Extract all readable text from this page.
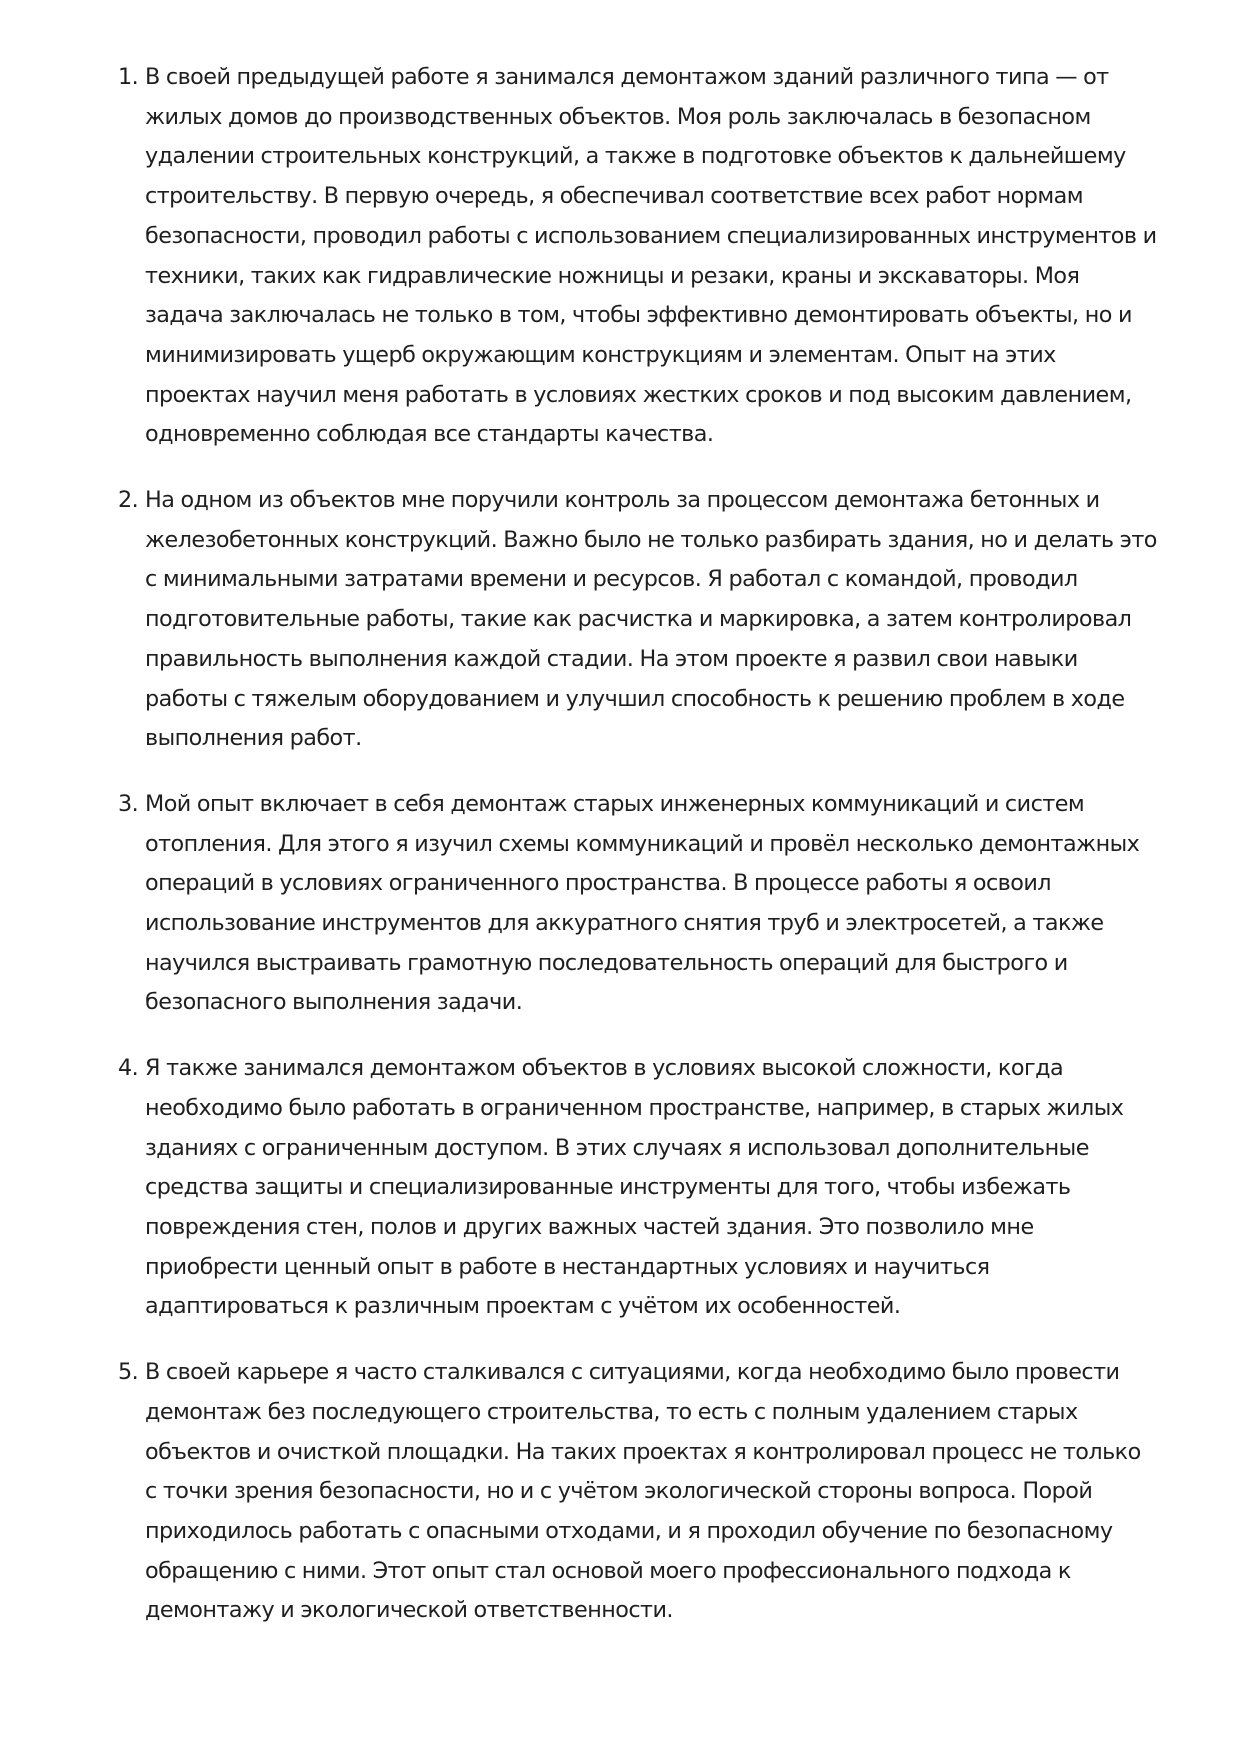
1. В своей предыдущей работе я занимался демонтажом зданий различного типа — от жилых домов до производственных объектов. Моя роль заключалась в безопасном удалении строительных конструкций, а также в подготовке объектов к дальнейшему строительству. В первую очередь, я обеспечивал соответствие всех работ нормам безопасности, проводил работы с использованием специализированных инструментов и техники, таких как гидравлические ножницы и резаки, краны и экскаваторы. Моя задача заключалась не только в том, чтобы эффективно демонтировать объекты, но и минимизировать ущерб окружающим конструкциям и элементам. Опыт на этих проектах научил меня работать в условиях жестких сроков и под высоким давлением, одновременно соблюдая все стандарты качества.
2. На одном из объектов мне поручили контроль за процессом демонтажа бетонных и железобетонных конструкций. Важно было не только разбирать здания, но и делать это с минимальными затратами времени и ресурсов. Я работал с командой, проводил подготовительные работы, такие как расчистка и маркировка, а затем контролировал правильность выполнения каждой стадии. На этом проекте я развил свои навыки работы с тяжелым оборудованием и улучшил способность к решению проблем в ходе выполнения работ.
3. Мой опыт включает в себя демонтаж старых инженерных коммуникаций и систем отопления. Для этого я изучил схемы коммуникаций и провёл несколько демонтажных операций в условиях ограниченного пространства. В процессе работы я освоил использование инструментов для аккуратного снятия труб и электросетей, а также научился выстраивать грамотную последовательность операций для быстрого и безопасного выполнения задачи.
4. Я также занимался демонтажом объектов в условиях высокой сложности, когда необходимо было работать в ограниченном пространстве, например, в старых жилых зданиях с ограниченным доступом. В этих случаях я использовал дополнительные средства защиты и специализированные инструменты для того, чтобы избежать повреждения стен, полов и других важных частей здания. Это позволило мне приобрести ценный опыт в работе в нестандартных условиях и научиться адаптироваться к различным проектам с учётом их особенностей.
5. В своей карьере я часто сталкивался с ситуациями, когда необходимо было провести демонтаж без последующего строительства, то есть с полным удалением старых объектов и очисткой площадки. На таких проектах я контролировал процесс не только с точки зрения безопасности, но и с учётом экологической стороны вопроса. Порой приходилось работать с опасными отходами, и я проходил обучение по безопасному обращению с ними. Этот опыт стал основой моего профессионального подхода к демонтажу и экологической ответственности.
